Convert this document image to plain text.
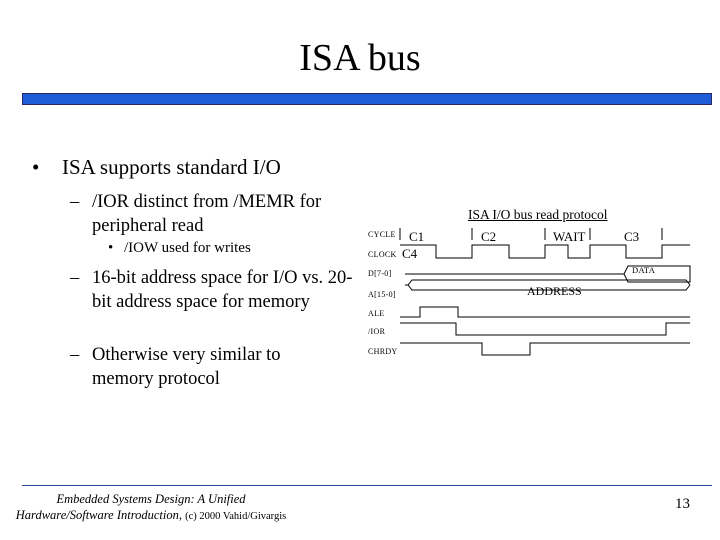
ISA bus
• ISA supports standard I/O
– /IOR distinct from /MEMR for peripheral read
• /IOW used for writes
– 16-bit address space for I/O vs. 20-bit address space for memory
– Otherwise very similar to memory protocol
ISA I/O bus read protocol
CYCLE
CLOCK
D[7-0]
A[15-0]
ALE
/IOR
CHRDY
C1	C2	WAIT	C3
C4
DATA
ADDRESS
Embedded Systems Design: A Unified
Hardware/Software Introduction, (c) 2000 Vahid/Givargis
13
